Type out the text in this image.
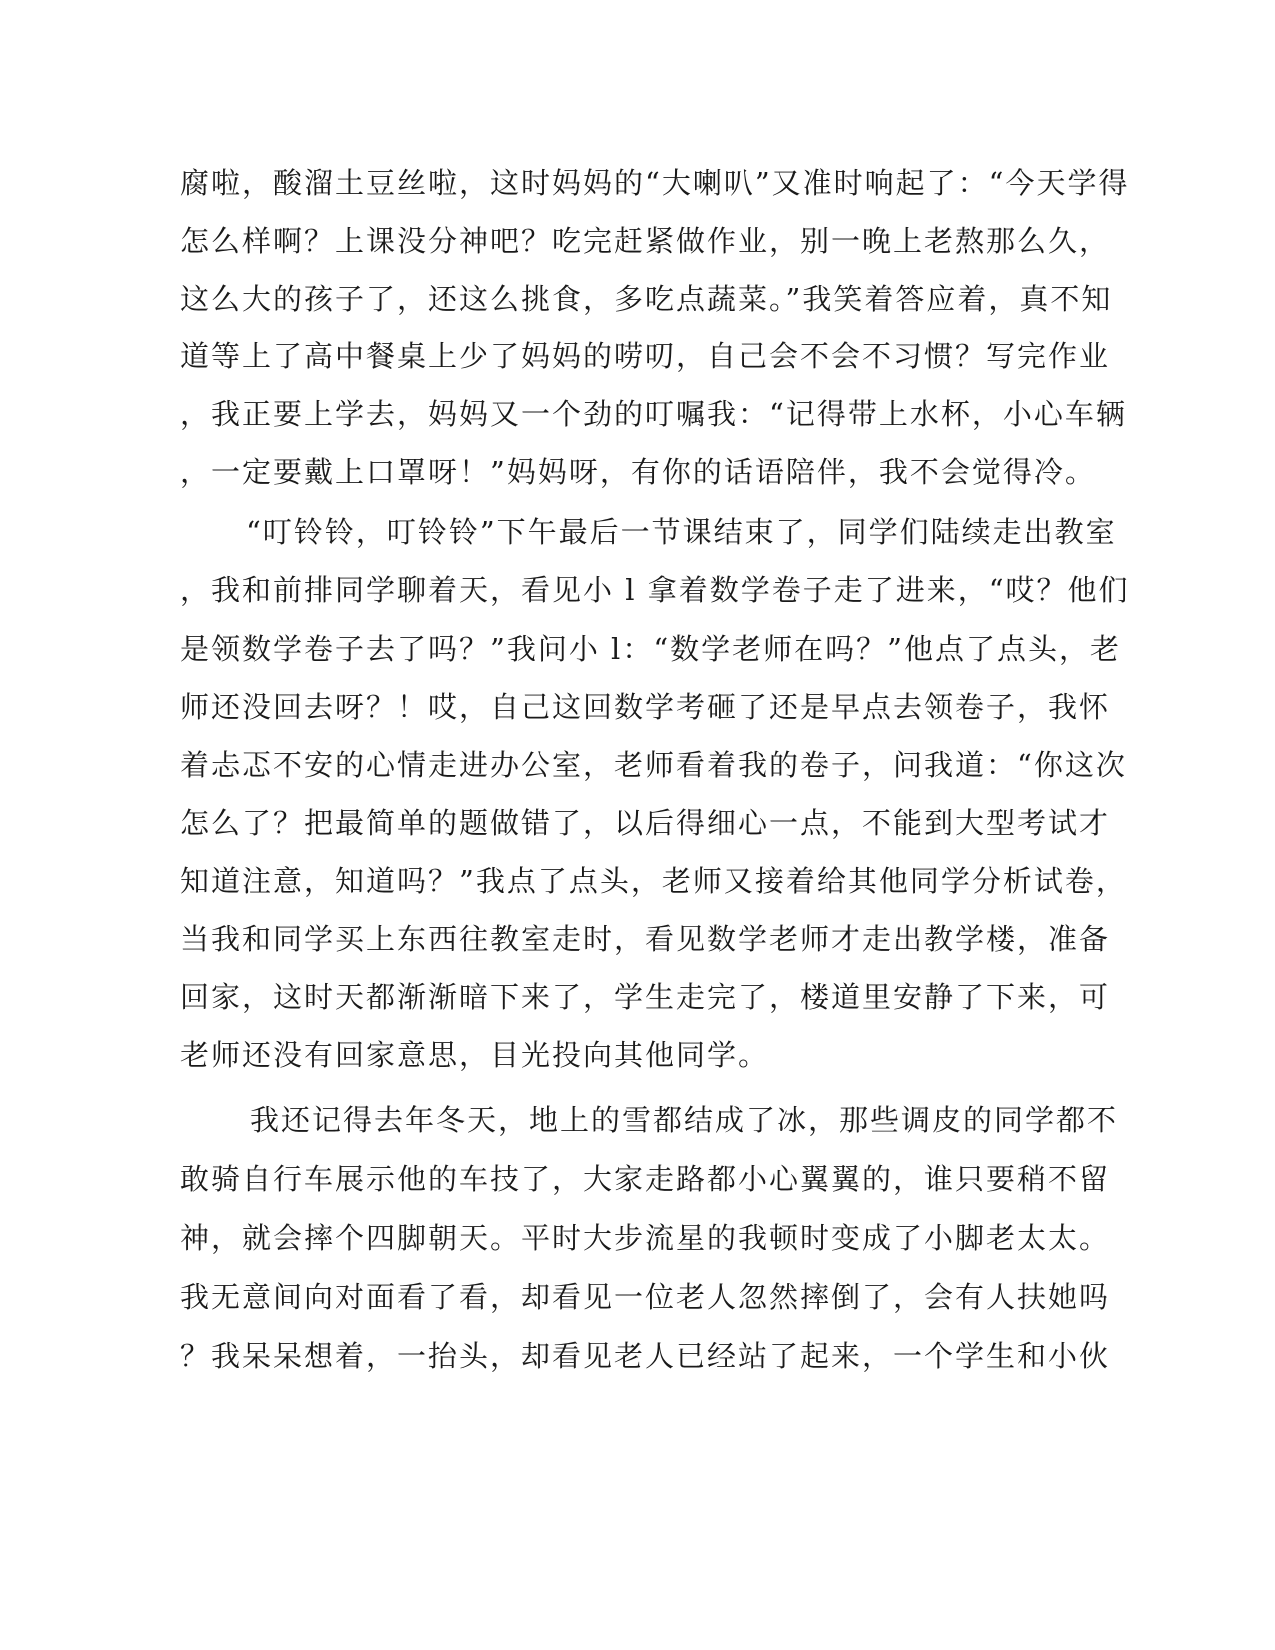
腐啦，酸溜土豆丝啦，这时妈妈的“大喇叭”又准时响起了：“今天学得
怎么样啊？上课没分神吧？吃完赶紧做作业，别一晚上老熬那么久，
这么大的孩子了，还这么挑食，多吃点蔬菜。”我笑着答应着，真不知
道等上了高中餐桌上少了妈妈的唠叨，自己会不会不习惯？写完作业
，我正要上学去，妈妈又一个劲的叮嘱我：“记得带上水杯，小心车辆
，一定要戴上口罩呀！”妈妈呀，有你的话语陪伴，我不会觉得冷。
“叮铃铃，叮铃铃”下午最后一节课结束了，同学们陆续走出教室
，我和前排同学聊着天，看见小 l 拿着数学卷子走了进来，“哎？他们
是领数学卷子去了吗？”我问小 l：“数学老师在吗？”他点了点头，老
师还没回去呀？！哎，自己这回数学考砸了还是早点去领卷子，我怀
着忐忑不安的心情走进办公室，老师看着我的卷子，问我道：“你这次
怎么了？把最简单的题做错了，以后得细心一点，不能到大型考试才
知道注意，知道吗？”我点了点头，老师又接着给其他同学分析试卷，
当我和同学买上东西往教室走时，看见数学老师才走出教学楼，准备
回家，这时天都渐渐暗下来了，学生走完了，楼道里安静了下来，可
老师还没有回家意思，目光投向其他同学。
我还记得去年冬天，地上的雪都结成了冰，那些调皮的同学都不
敢骑自行车展示他的车技了，大家走路都小心翼翼的，谁只要稍不留
神，就会摔个四脚朝天。平时大步流星的我顿时变成了小脚老太太。
我无意间向对面看了看，却看见一位老人忽然摔倒了，会有人扶她吗
？我呆呆想着，一抬头，却看见老人已经站了起来，一个学生和小伙
